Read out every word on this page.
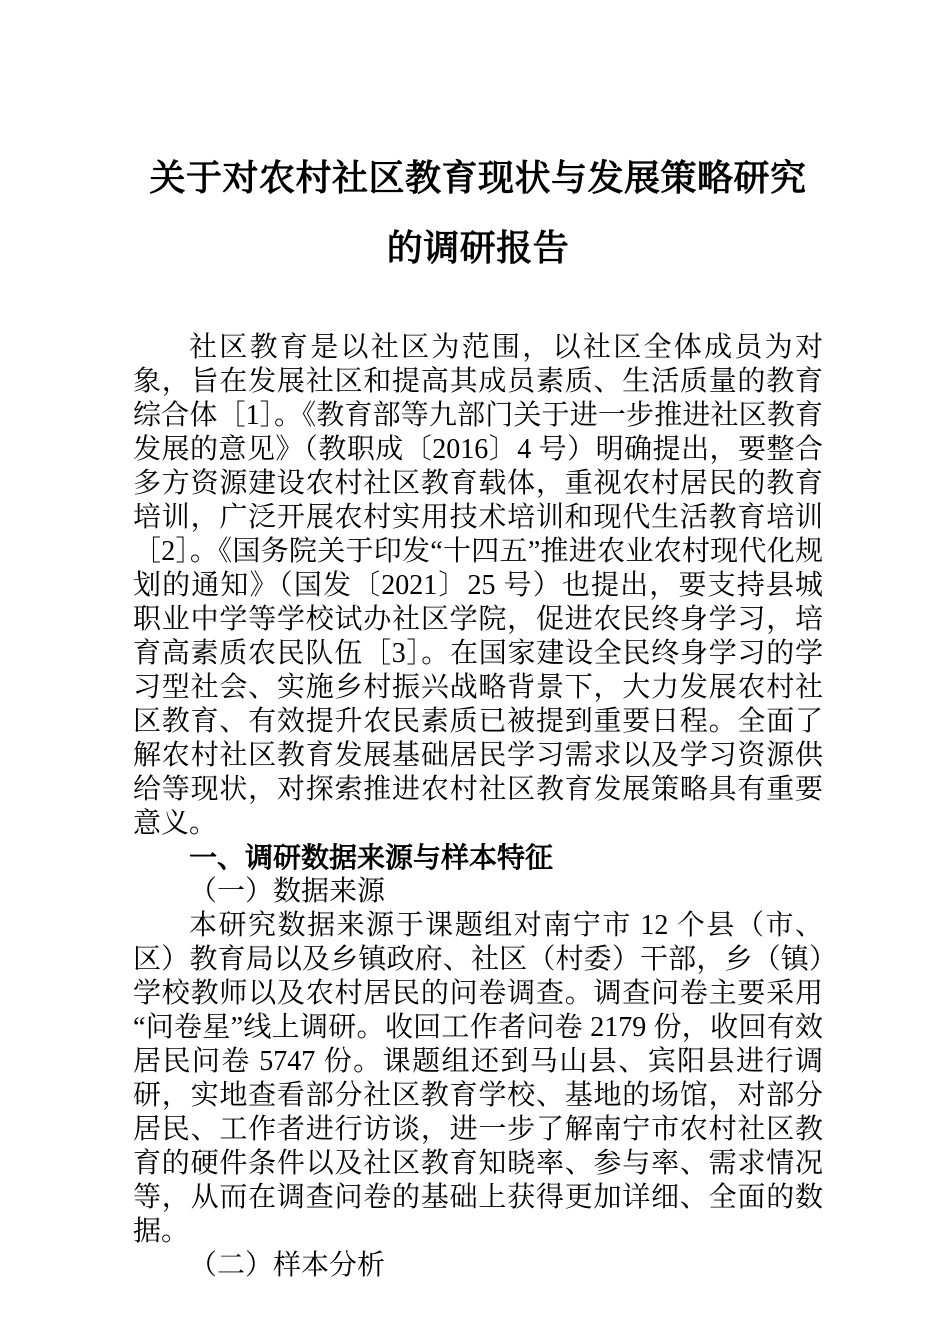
关于对农村社区教育现状与发展策略研究的调研报告

社区教育是以社区为范围，以社区全体成员为对象，旨在发展社区和提高其成员素质、生活质量的教育综合体［1］。《教育部等九部门关于进一步推进社区教育发展的意见》（教职成〔2016〕4 号）明确提出，要整合多方资源建设农村社区教育载体，重视农村居民的教育培训，广泛开展农村实用技术培训和现代生活教育培训［2］。《国务院关于印发“十四五”推进农业农村现代化规划的通知》（国发〔2021〕25 号）也提出，要支持县城职业中学等学校试办社区学院，促进农民终身学习，培育高素质农民队伍［3］。在国家建设全民终身学习的学习型社会、实施乡村振兴战略背景下，大力发展农村社区教育、有效提升农民素质已被提到重要日程。全面了解农村社区教育发展基础居民学习需求以及学习资源供给等现状，对探索推进农村社区教育发展策略具有重要意义。

一、调研数据来源与样本特征
（一）数据来源

本研究数据来源于课题组对南宁市 12 个县（市、区）教育局以及乡镇政府、社区（村委）干部，乡（镇）学校教师以及农村居民的问卷调查。调查问卷主要采用“问卷星”线上调研。收回工作者问卷 2179 份，收回有效居民问卷 5747 份。课题组还到马山县、宾阳县进行调研，实地查看部分社区教育学校、基地的场馆，对部分居民、工作者进行访谈，进一步了解南宁市农村社区教育的硬件条件以及社区教育知晓率、参与率、需求情况等，从而在调查问卷的基础上获得更加详细、全面的数据。

（二）样本分析
